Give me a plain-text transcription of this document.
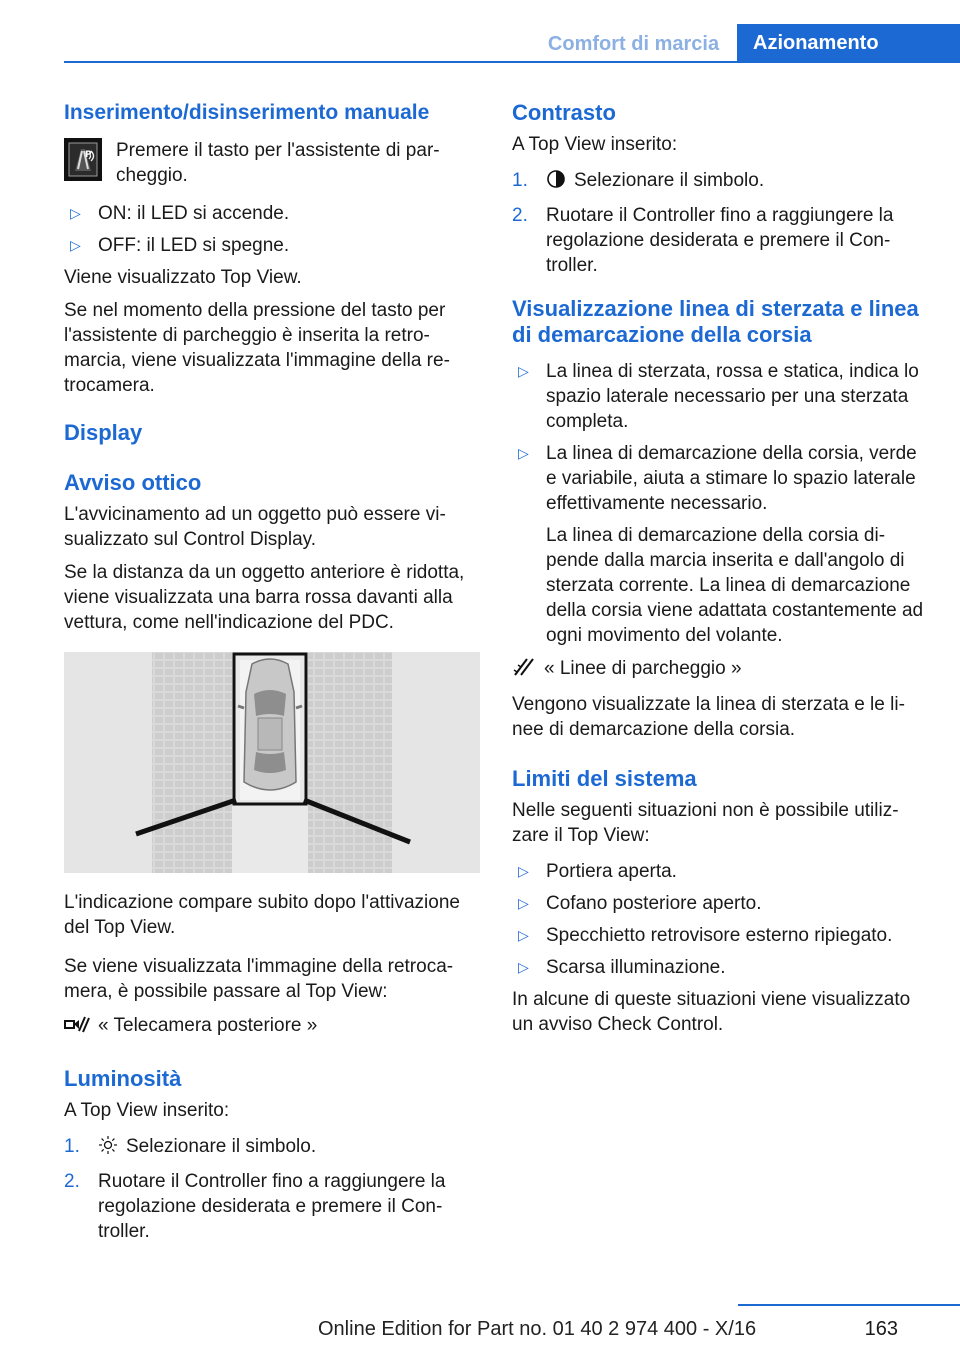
Comfort di marcia	Azionamento
Inserimento/disinserimento manuale
P Premere il tasto per l'assistente di parcheggio.

▷ ON: il LED si accende.
▷ OFF: il LED si spegne.

Viene visualizzato Top View.

Se nel momento della pressione del tasto per l'assistente di parcheggio è inserita la retromarcia, viene visualizzata l'immagine della retrocamera.

Display
Avviso ottico

L'avvicinamento ad un oggetto può essere visualizzato sul Control Display.

Se la distanza da un oggetto anteriore è ridotta, viene visualizzata una barra rossa davanti alla vettura, come nell'indicazione del PDC.

L'indicazione compare subito dopo l'attivazione del Top View.

Se viene visualizzata l'immagine della retrocamera, è possibile passare al Top View:

« Telecamera posteriore »

Luminosità

A Top View inserito:

1. Selezionare il simbolo.
2. Ruotare il Controller fino a raggiungere la regolazione desiderata e premere il Controller.
Contrasto

A Top View inserito:

1. Selezionare il simbolo.
2. Ruotare il Controller fino a raggiungere la regolazione desiderata e premere il Controller.
Visualizzazione linea di sterzata e linea di demarcazione della corsia
▷ La linea di sterzata, rossa e statica, indica lo spazio laterale necessario per una sterzata completa.
▷ La linea di demarcazione della corsia, verde e variabile, aiuta a stimare lo spazio laterale effettivamente necessario.

La linea di demarcazione della corsia dipende dalla marcia inserita e dall'angolo di sterzata corrente. La linea di demarcazione della corsia viene adattata costantemente ad ogni movimento del volante.

« Linee di parcheggio »

Vengono visualizzate la linea di sterzata e le linee di demarcazione della corsia.

Limiti del sistema

Nelle seguenti situazioni non è possibile utilizzare il Top View:

▷ Portiera aperta.
▷ Cofano posteriore aperto.
▷ Specchietto retrovisore esterno ripiegato.
▷ Scarsa illuminazione.

In alcune di queste situazioni viene visualizzato un avviso Check Control.

163
Online Edition for Part no. 01 40 2 974 400 - X/16
